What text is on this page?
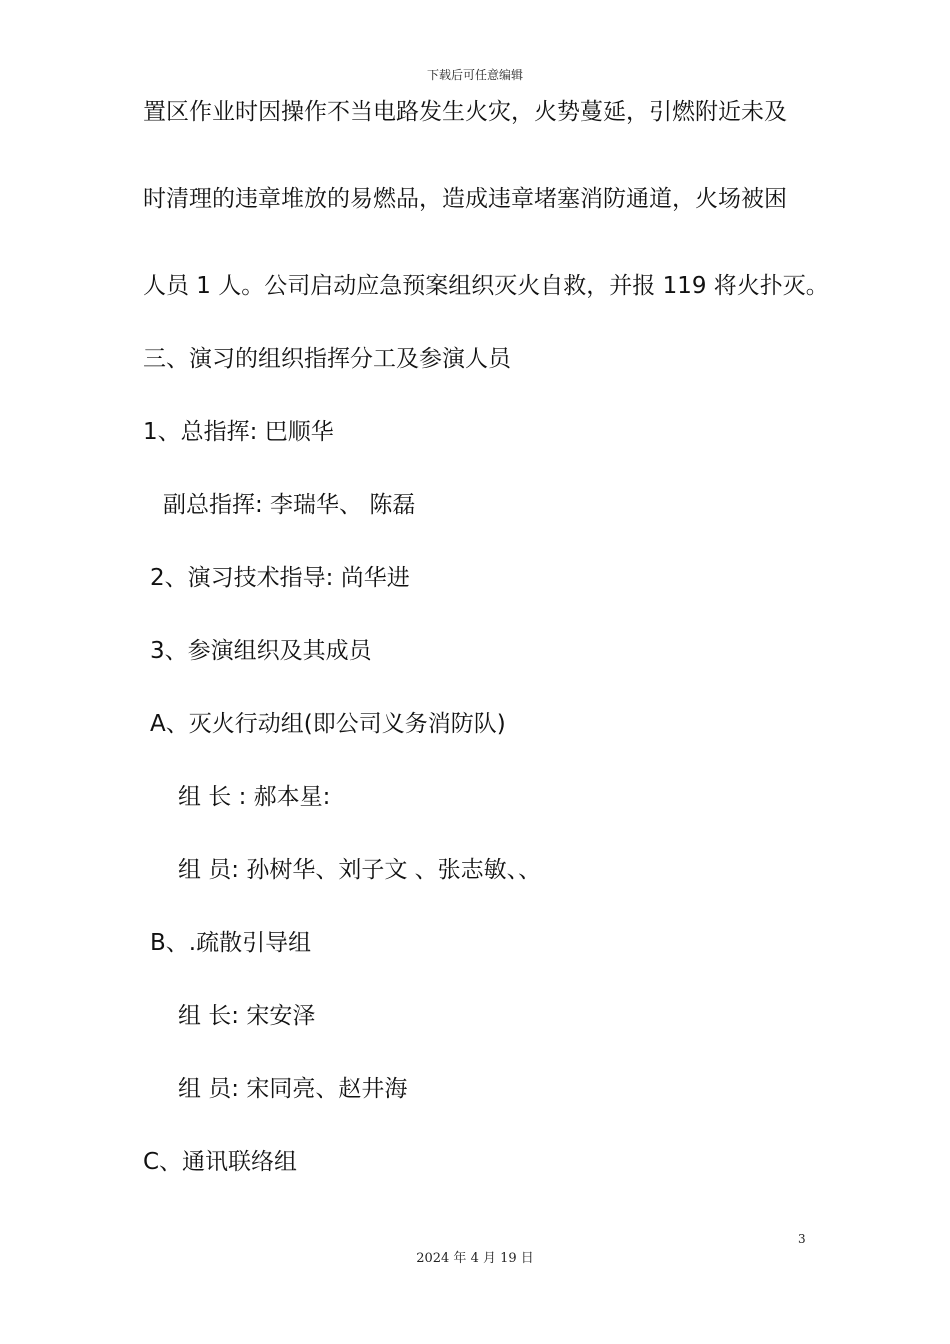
下载后可任意编辑
置区作业时因操作不当电路发生火灾，火势蔓延，引燃附近未及
时清理的违章堆放的易燃品，造成违章堵塞消防通道，火场被困
人员 1 人。公司启动应急预案组织灭火自救，并报 119 将火扑灭。
三、演习的组织指挥分工及参演人员
1、总指挥: 巴顺华
副总指挥: 李瑞华、 陈磊
2、演习技术指导: 尚华进
3、参演组织及其成员
A、灭火行动组(即公司义务消防队)
组 长 : 郝本星:
组 员: 孙树华、刘子文 、张志敏、、
B、.疏散引导组
组 长: 宋安泽
组 员: 宋同亮、赵井海
C、通讯联络组
3
2024 年 4 月 19 日
